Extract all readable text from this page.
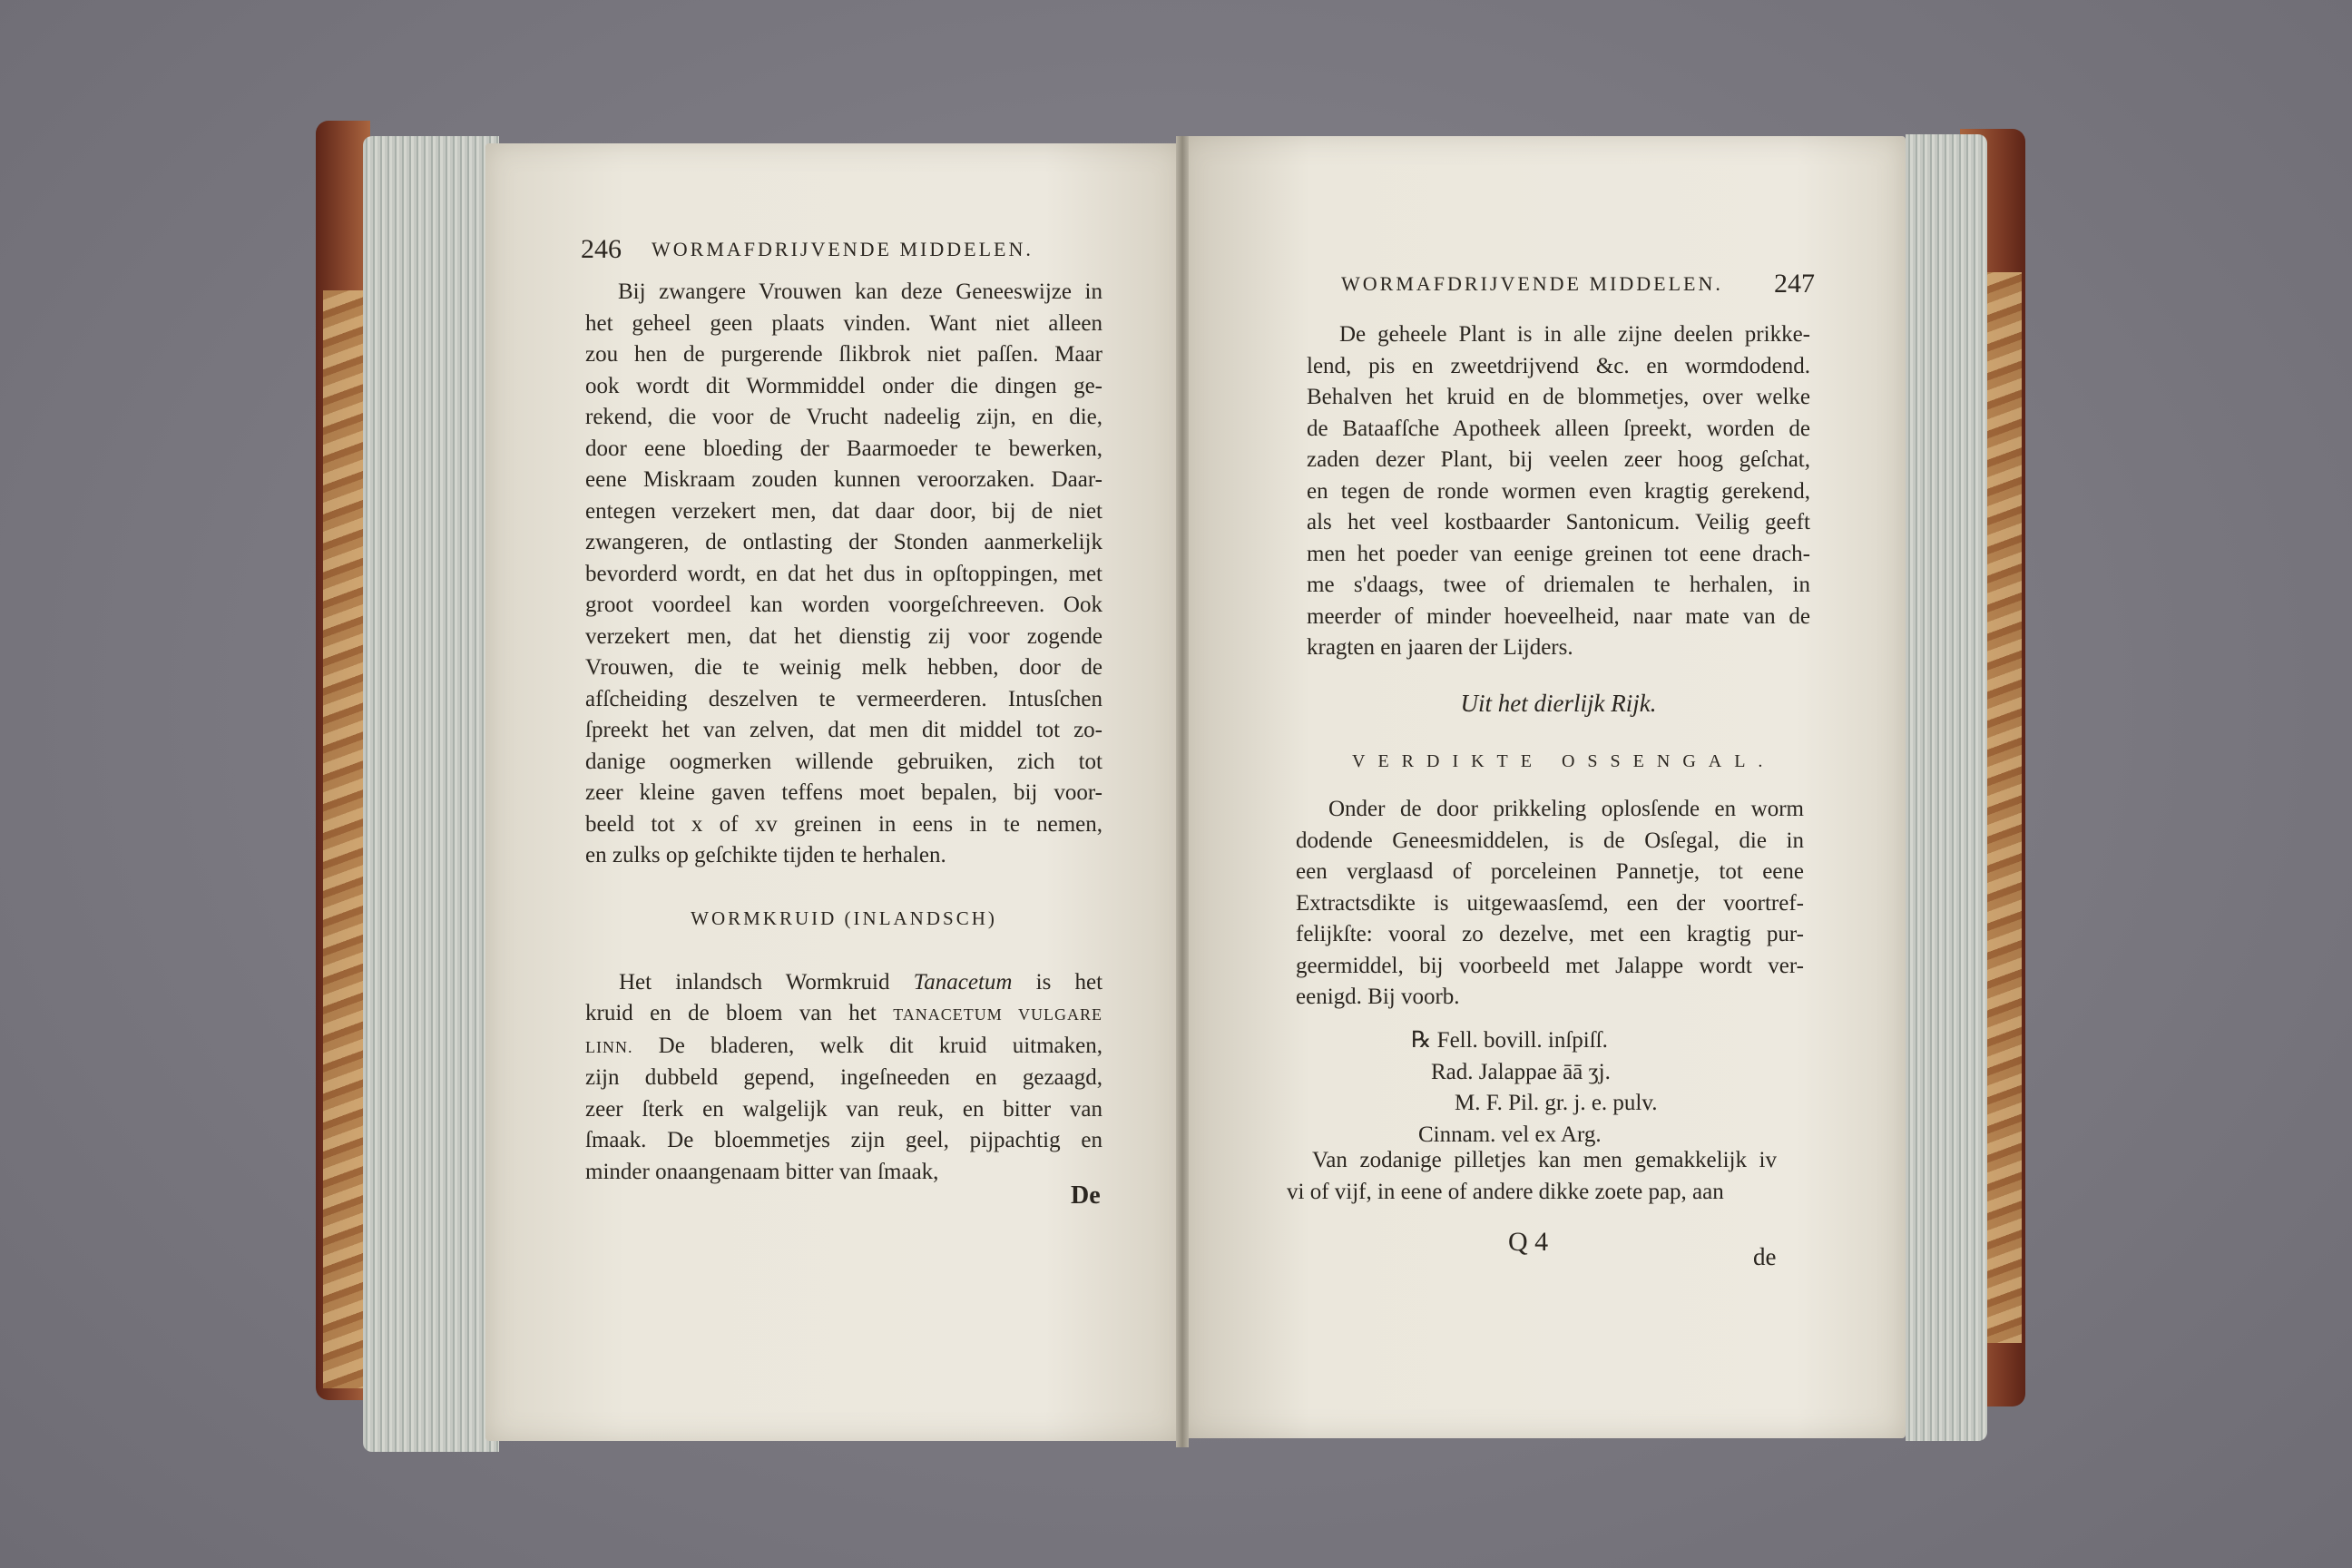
246 WORMAFDRIJVENDE MIDDELEN.
Bij zwangere Vrouwen kan deze Geneeswijze in
het geheel geen plaats vinden. Want niet alleen
zou hen de purgerende ſlikbrok niet paſſen. Maar
ook wordt dit Wormmiddel onder die dingen ge-
rekend, die voor de Vrucht nadeelig zijn, en die,
door eene bloeding der Baarmoeder te bewerken,
eene Miskraam zouden kunnen veroorzaken. Daar-
entegen verzekert men, dat daar door, bij de niet
zwangeren, de ontlasting der Stonden aanmerkelijk
bevorderd wordt, en dat het dus in opſtoppingen, met
groot voordeel kan worden voorgeſchreeven. Ook
verzekert men, dat het dienstig zij voor zogende
Vrouwen, die te weinig melk hebben, door de
afſcheiding deszelven te vermeerderen. Intusſchen
ſpreekt het van zelven, dat men dit middel tot zo-
danige oogmerken willende gebruiken, zich tot
zeer kleine gaven teffens moet bepalen, bij voor-
beeld tot x of xv greinen in eens in te nemen,
en zulks op geſchikte tijden te herhalen.
WORMKRUID (INLANDSCH)
Het inlandsch Wormkruid Tanacetum is het
kruid en de bloem van het TANACETUM VULGARE
LINN. De bladeren, welk dit kruid uitmaken,
zijn dubbeld gepend, ingeſneeden en gezaagd,
zeer ſterk en walgelijk van reuk, en bitter van
ſmaak. De bloemmetjes zijn geel, pijpachtig en
minder onaangenaam bitter van ſmaak,
De
WORMAFDRIJVENDE MIDDELEN. 247
De geheele Plant is in alle zijne deelen prikke-
lend, pis en zweetdrijvend &c. en wormdodend.
Behalven het kruid en de blommetjes, over welke
de Bataafſche Apotheek alleen ſpreekt, worden de
zaden dezer Plant, bij veelen zeer hoog geſchat,
en tegen de ronde wormen even kragtig gerekend,
als het veel kostbaarder Santonicum. Veilig geeft
men het poeder van eenige greinen tot eene drach-
me s'daags, twee of driemalen te herhalen, in
meerder of minder hoeveelheid, naar mate van de
kragten en jaaren der Lijders.
Uit het dierlijk Rijk.
VERDIKTE OSSENGAL.
Onder de door prikkeling oplosſende en worm
dodende Geneesmiddelen, is de Osſegal, die in
een verglaasd of porceleinen Pannetje, tot eene
Extractsdikte is uitgewaasſemd, een der voortref-
felijkſte: vooral zo dezelve, met een kragtig pur-
geermiddel, bij voorbeeld met Jalappe wordt ver-
eenigd. Bij voorb.
℞ Fell. bovill. inſpiſſ.
Rad. Jalappae āā ʒj.
M. F. Pil. gr. j. e. pulv.
Cinnam. vel ex Arg.
Van zodanige pilletjes kan men gemakkelijk iv
vi of vijf, in eene of andere dikke zoete pap, aan
Q 4	de
